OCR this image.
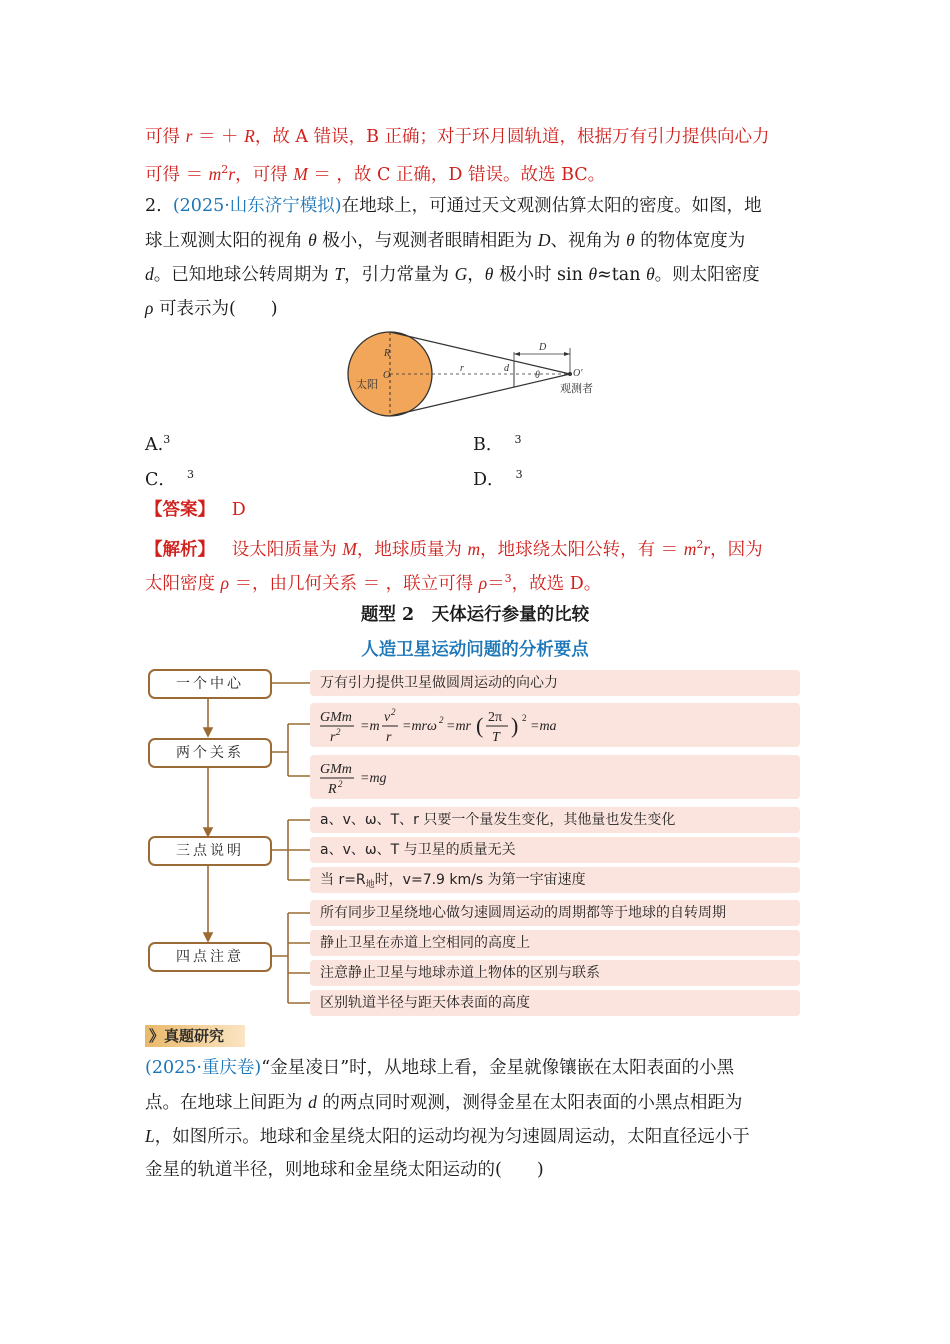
可得 r ＝ ＋ R，故 A 错误，B 正确；对于环月圆轨道，根据万有引力提供向心力
可得 ＝ $m^2r$，可得 M ＝ ，故 C 正确，D 错误。故选 BC。
2. (2025·山东济宁模拟)在地球上，可通过天文观测估算太阳的密度。如图，地
球上观测太阳的视角 θ 极小，与观测者眼睛相距为 D、视角为 θ 的物体宽度为
d。已知地球公转周期为 T，引力常量为 G，θ 极小时 sin θ≈tan θ。则太阳密度
ρ 可表示为(　　)
R
O
太阳
r	d
D
θ	O′
观测者
A.$^3$	B． $^3$
C． $^3$	D． $^3$
【答案】 D
【解析】 设太阳质量为 M，地球质量为 m，地球绕太阳公转，有 ＝ $m^2r$，因为
太阳密度 ρ ＝，由几何关系 ＝ ，联立可得 ρ＝$^3$，故选 D。
题型 2　天体运行参量的比较
人造卫星运动问题的分析要点
一个中心
两个关系
三点说明
四点注意
万有引力提供卫星做圆周运动的向心力
GMm
r 2 =m
v 2
r
=mrω 2 =mr ( 2π
T ) 2
=ma
GMm
R 2 =mg
a、v、ω、T、r 只要一个量发生变化，其他量也发生变化
a、v、ω、T 与卫星的质量无关
当 $r=R_地$时，v=7.9 km/s 为第一宇宙速度
所有同步卫星绕地心做匀速圆周运动的周期都等于地球的自转周期
静止卫星在赤道上空相同的高度上
注意静止卫星与地球赤道上物体的区别与联系
区别轨道半径与距天体表面的高度
》真题研究
(2025·重庆卷)“金星凌日”时，从地球上看，金星就像镶嵌在太阳表面的小黑
点。在地球上间距为 d 的两点同时观测，测得金星在太阳表面的小黑点相距为
L，如图所示。地球和金星绕太阳的运动均视为匀速圆周运动，太阳直径远小于
金星的轨道半径，则地球和金星绕太阳运动的(　　)
